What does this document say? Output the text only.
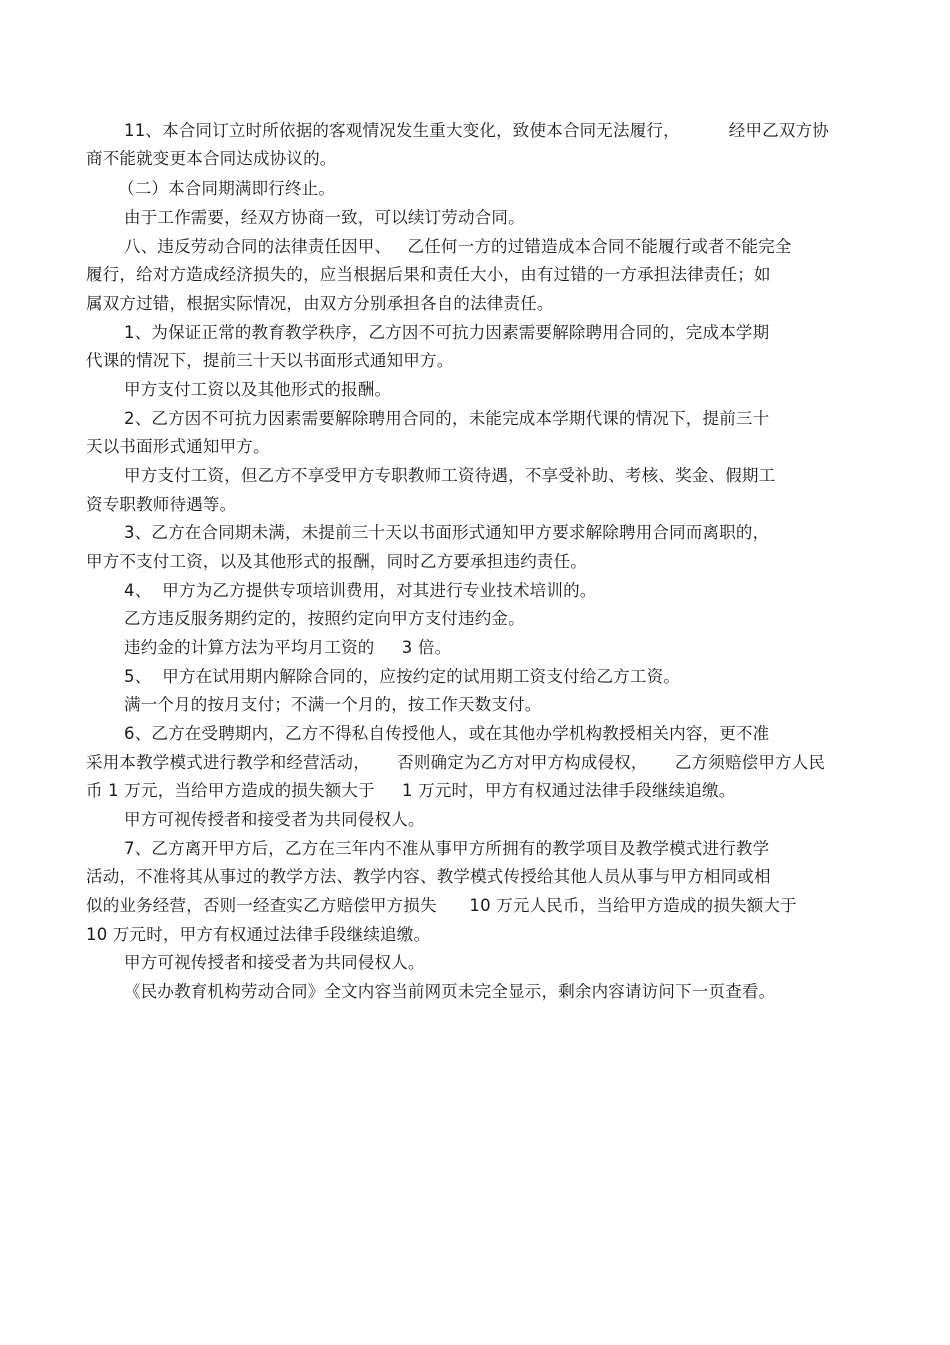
11、本合同订立时所依据的客观情况发生重大变化，致使本合同无法履行，         经甲乙双方协
商不能就变更本合同达成协议的。
（二）本合同期满即行终止。
由于工作需要，经双方协商一致，可以续订劳动合同。
八、违反劳动合同的法律责任因甲、   乙任何一方的过错造成本合同不能履行或者不能完全
履行，给对方造成经济损失的，应当根据后果和责任大小，由有过错的一方承担法律责任；如
属双方过错，根据实际情况，由双方分别承担各自的法律责任。
1、为保证正常的教育教学秩序，乙方因不可抗力因素需要解除聘用合同的，完成本学期
代课的情况下，提前三十天以书面形式通知甲方。
甲方支付工资以及其他形式的报酬。
2、乙方因不可抗力因素需要解除聘用合同的，未能完成本学期代课的情况下，提前三十
天以书面形式通知甲方。
甲方支付工资，但乙方不享受甲方专职教师工资待遇，不享受补助、考核、奖金、假期工
资专职教师待遇等。
3、乙方在合同期未满，未提前三十天以书面形式通知甲方要求解除聘用合同而离职的，
甲方不支付工资，以及其他形式的报酬，同时乙方要承担违约责任。
4、  甲方为乙方提供专项培训费用，对其进行专业技术培训的。
乙方违反服务期约定的，按照约定向甲方支付违约金。
违约金的计算方法为平均月工资的     3 倍。
5、  甲方在试用期内解除合同的，应按约定的试用期工资支付给乙方工资。
满一个月的按月支付；不满一个月的，按工作天数支付。
6、乙方在受聘期内，乙方不得私自传授他人，或在其他办学机构教授相关内容，更不准
采用本教学模式进行教学和经营活动，     否则确定为乙方对甲方构成侵权，     乙方须赔偿甲方人民
币 1 万元，当给甲方造成的损失额大于     1 万元时，甲方有权通过法律手段继续追缴。
甲方可视传授者和接受者为共同侵权人。
7、乙方离开甲方后，乙方在三年内不准从事甲方所拥有的教学项目及教学模式进行教学
活动，不准将其从事过的教学方法、教学内容、教学模式传授给其他人员从事与甲方相同或相
似的业务经营，否则一经查实乙方赔偿甲方损失      10 万元人民币，当给甲方造成的损失额大于
10 万元时，甲方有权通过法律手段继续追缴。
甲方可视传授者和接受者为共同侵权人。
《民办教育机构劳动合同》全文内容当前网页未完全显示，剩余内容请访问下一页查看。
